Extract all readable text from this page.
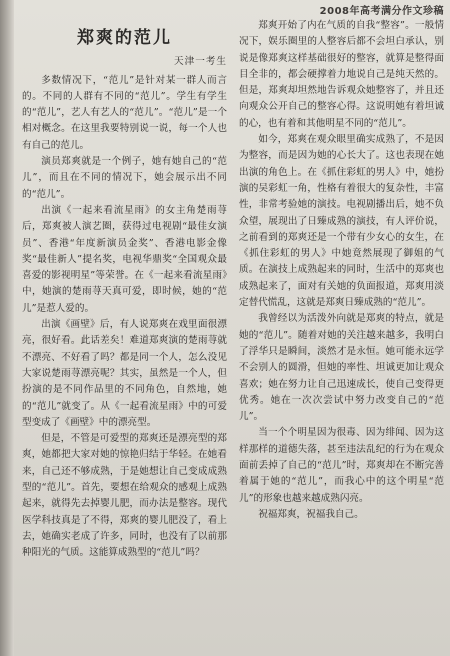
2008年高考满分作文珍稿
郑爽的范儿
天津一考生

多数情况下，“范儿”是针对某一群人而言的。不同的人群有不同的“范儿”。学生有学生的“范儿”，艺人有艺人的“范儿”。“范儿”是一个相对概念。在这里我要特别说一说，每一个人也有自己的范儿。

演员郑爽就是一个例子，她有她自己的“范儿”，而且在不同的情况下，她会展示出不同的“范儿”。

出演《一起来看流星雨》的女主角楚雨荨后，郑爽被人演艺圈，获得过电视剧“最佳女演员”、香港“年度新演员金奖”、香港电影金像奖“最佳新人”提名奖，电视华鼎奖“全国观众最喜爱的影视明星”等荣誉。在《一起来看流星雨》中，她演的楚雨荨天真可爱，即时候，她的“范儿”是惹人爱的。

出演《画壁》后，有人说郑爽在戏里面很漂亮，很好看。此话差矣！难道郑爽演的楚雨荨就不漂亮、不好看了吗？都是同一个人，怎么没见大家说楚雨荨漂亮呢？其实，虽然是一个人，但扮演的是不同作品里的不同角色，自然地，她的“范儿”就变了。从《一起看流星雨》中的可爱型变成了《画壁》中的漂亮型。

但是，不管是可爱型的郑爽还是漂亮型的郑爽，她都把大家对她的惊艳归结于华轻。在她看来，自己还不够成熟，于是她想让自己变成成熟型的“范儿”。首先，要想在给观众的感观上成熟起来，就得先去掉婴儿肥，而办法是整容。现代医学科技真是了不得，郑爽的婴儿肥没了，看上去，她确实老成了许多，同时，也没有了以前那种阳光的气质。这能算成熟型的“范儿”吗？

郑爽开始了内在气质的自我“整容”。一般情况下，娱乐圈里的人整容后都不会坦白承认，别说是像郑爽这样基础很好的整容，就算是整得面目全非的，都会硬撑着力地说自己是纯天然的。但是，郑爽却坦然地告诉观众她整容了，并且还向观众公开自己的整容心得。这说明她有着坦诚的心，也有着和其他明星不同的“范儿”。

如今，郑爽在观众眼里确实成熟了，不是因为整容，而是因为她的心长大了。这也表现在她出演的角色上。在《抓住彩虹的男人》中，她扮演的吴彩虹一角，性格有着很大的复杂性，丰富性，非常考验她的演技。电视剧播出后，她不负众望，展现出了日臻成熟的演技，有人评价说，之前看到的郑爽还是一个带有少女心的女生，在《抓住彩虹的男人》中她竟然展现了御姐的气质。在演技上成熟起来的同时，生活中的郑爽也成熟起来了，面对有关她的负面报道，郑爽用淡定替代慌乱，这就是郑爽日臻成熟的“范儿”。

我曾经以为活泼外向就是郑爽的特点，就是她的“范儿”。随着对她的关注越来越多，我明白了浮华只是瞬间，淡然才是永恒。她可能永远学不会别人的圆滑，但她的率性、坦诚更加让观众喜欢；她在努力让自己迅速成长，使自己变得更优秀。她在一次次尝试中努力改变自己的“范儿”。

当一个个明星因为很毒、因为绯闻、因为这样那样的道德失落，甚至违法乱纪的行为在观众面前丢掉了自己的“范儿”时，郑爽却在不断完善着属于她的“范儿”，而我心中的这个明星“范儿”的形象也越来越成熟闪亮。

祝福郑爽，祝福我自己。
